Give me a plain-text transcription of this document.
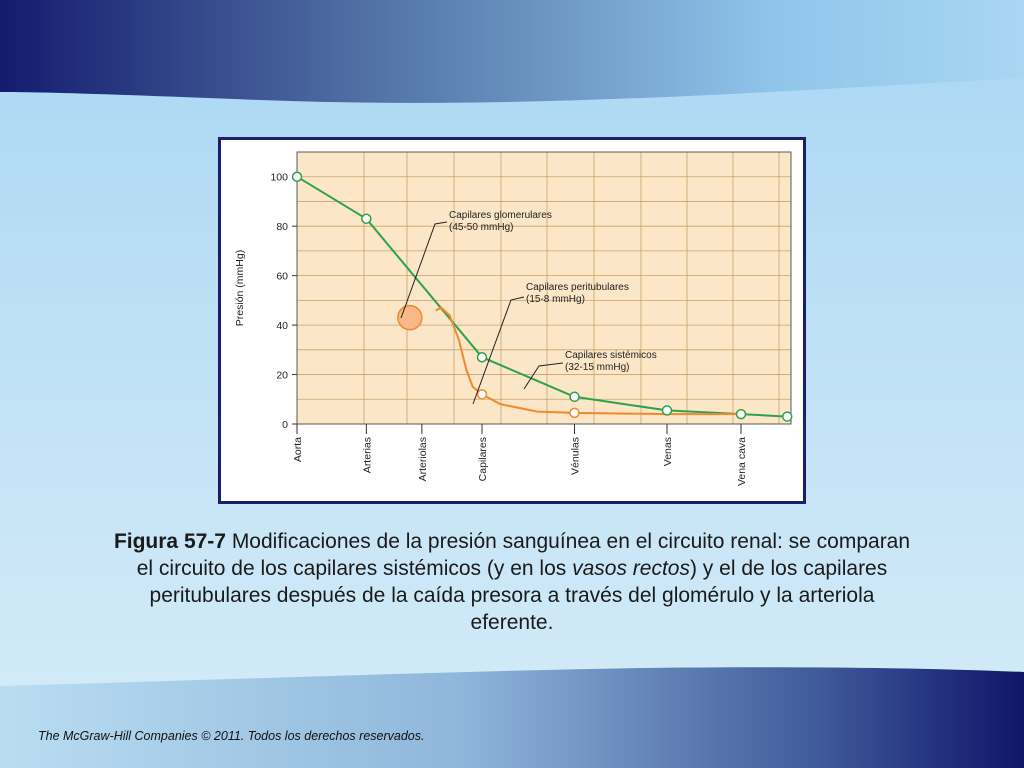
0
20
40
60
80
100
Presión (mmHg)
Aorta	Arterias	Arteriolas	Capilares	Vénulas	Venas	Vena cava
Capilares glomerulares
(45-50 mmHg)
Capilares peritubulares
(15-8 mmHg)
Capilares sistémicos
(32-15 mmHg)
Figura 57-7 Modificaciones de la presión sanguínea en el circuito renal: se comparan el circuito de los capilares sistémicos (y en los vasos rectos) y el de los capilares peritubulares después de la caída presora a través del glomérulo y la arteriola eferente.
The McGraw-Hill Companies © 2011. Todos los derechos reservados.
